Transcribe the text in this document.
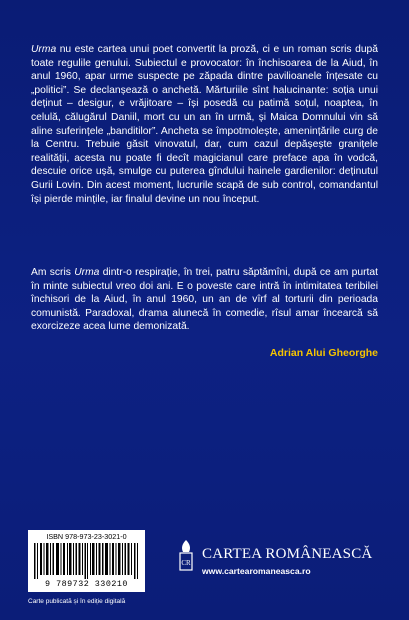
Urma nu este cartea unui poet convertit la proză, ci e un roman scris după toate regulile genului. Subiectul e provocator: în închisoarea de la Aiud, în anul 1960, apar urme suspecte pe zăpada dintre pavilioanele înțesate cu „politici”. Se declanșează o anchetă. Mărturiile sînt halucinante: soția unui deținut – desigur, e vrăjitoare – își posedă cu patimă soțul, noaptea, în celulă, călugărul Daniil, mort cu un an în urmă, și Maica Domnului vin să aline suferințele „banditilor”. Ancheta se împotmolește, amenințările curg de la Centru. Trebuie găsit vinovatul, dar, cum cazul depășește granițele realității, acesta nu poate fi decît magicianul care preface apa în vodcă, descuie orice ușă, smulge cu puterea gîndului hainele gardienilor: deținutul Gurii Lovin. Din acest moment, lucrurile scapă de sub control, comandantul își pierde mințile, iar finalul devine un nou început.
Am scris Urma dintr-o respirație, în trei, patru săptămîni, după ce am purtat în minte subiectul vreo doi ani. E o poveste care intră în intimitatea teribilei închisori de la Aiud, în anul 1960, un an de vîrf al torturii din perioada comunistă. Paradoxal, drama alunecă în comedie, rîsul amar încearcă să exorcizeze acea lume demonizată.
Adrian Alui Gheorghe
ISBN 978-973-23-3021-0
9 789732 330210
Carte publicată și în ediție digitală
CR
CARTEA ROMÂNEASCĂ
www.cartearomaneasca.ro
